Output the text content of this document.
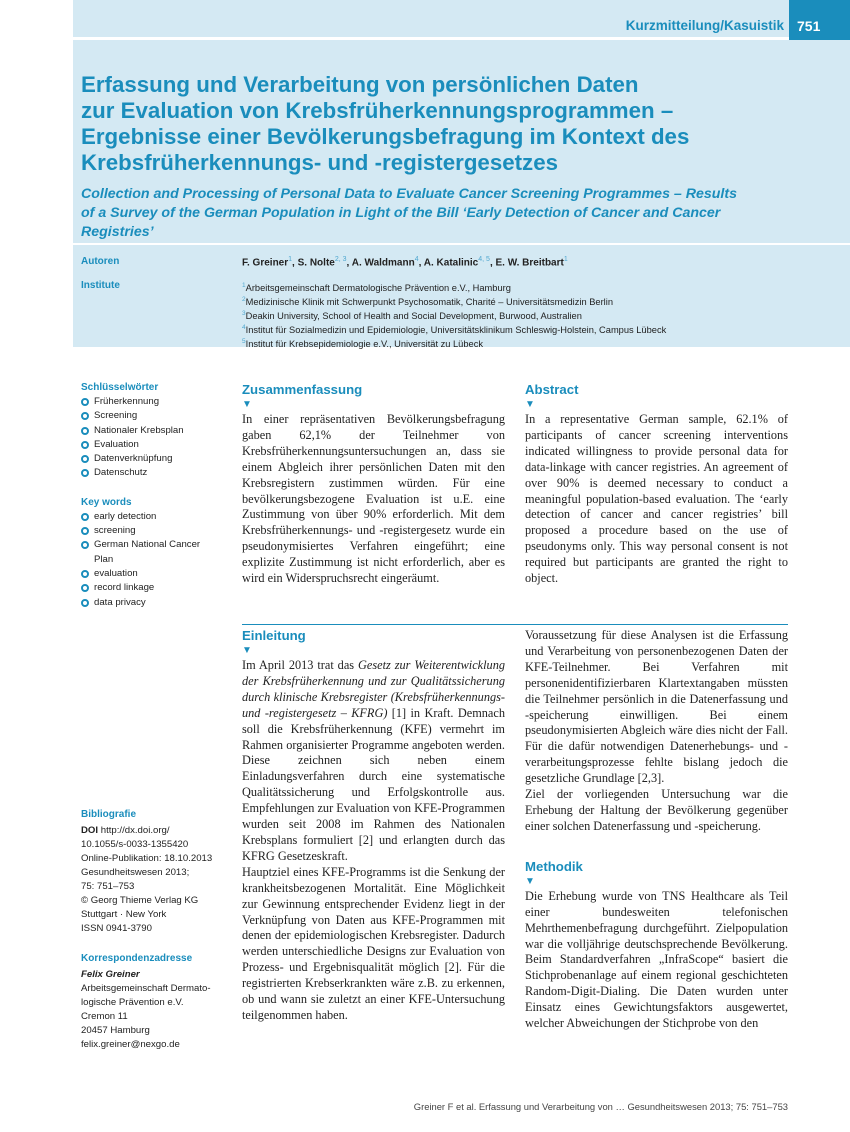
Kurzmitteilung/Kasuistik 751
Erfassung und Verarbeitung von persönlichen Daten
zur Evaluation von Krebsfrüherkennungsprogrammen –
Ergebnisse einer Bevölkerungsbefragung im Kontext des
Krebsfrüherkennungs- und -registergesetzes
Collection and Processing of Personal Data to Evaluate Cancer Screening Programmes – Results
of a Survey of the German Population in Light of the Bill ‘Early Detection of Cancer and Cancer
Registries’
Autoren	F. Greiner$^1$, S. Nolte$^{2, 3}$, A. Waldmann$^4$, A. Katalinic$^{4, 5}$, E. W. Breitbart$^1$
Institute	$^1$Arbeitsgemeinschaft Dermatologische Prävention e.V., Hamburg
$^2$Medizinische Klinik mit Schwerpunkt Psychosomatik, Charité – Universitätsmedizin Berlin
$^3$Deakin University, School of Health and Social Development, Burwood, Australien
$^4$Institut für Sozialmedizin und Epidemiologie, Universitätsklinikum Schleswig-Holstein, Campus Lübeck
$^5$Institut für Krebsepidemiologie e.V., Universität zu Lübeck
Schlüsselwörter
Früherkennung
Screening
Nationaler Krebsplan
Evaluation
Datenverknüpfung
Datenschutz
Key words
early detection
screening
German National Cancer Plan
evaluation
record linkage
data privacy
Bibliografie
DOI http://dx.doi.org/
10.1055/s-0033-1355420
Online-Publikation: 18.10.2013
Gesundheitswesen 2013;
75: 751–753
© Georg Thieme Verlag KG
Stuttgart · New York
ISSN 0941-3790
Korrespondenzadresse
Felix Greiner
Arbeitsgemeinschaft Dermato-
logische Prävention e.V.
Cremon 11
20457 Hamburg
felix.greiner@nexgo.de
Zusammenfassung
▼

In einer repräsentativen Bevölkerungsbefragung gaben 62,1% der Teilnehmer von Krebsfrüherkennungsuntersuchungen an, dass sie einem Abgleich ihrer persönlichen Daten mit den Krebsregistern zustimmen würden. Für eine bevölkerungsbezogene Evaluation ist u.E. eine Zustimmung von über 90% erforderlich. Mit dem Krebsfrüherkennungs- und -registergesetz wurde ein pseudonymisiertes Verfahren eingeführt; eine explizite Zustimmung ist nicht erforderlich, aber es wird ein Widerspruchsrecht eingeräumt.

Abstract
▼

In a representative German sample, 62.1% of participants of cancer screening interventions indicated willingness to provide personal data for data-linkage with cancer registries. An agreement of over 90% is deemed necessary to conduct a meaningful population-based evaluation. The ‘early detection of cancer and cancer registries’ bill proposed a procedure based on the use of pseudonyms only. This way personal consent is not required but participants are granted the right to object.

Einleitung
▼

Im April 2013 trat das Gesetz zur Weiterentwicklung der Krebsfrüherkennung und zur Qualitätssicherung durch klinische Krebsregister (Krebsfrüherkennungs- und -registergesetz – KFRG) [1] in Kraft. Demnach soll die Krebsfrüherkennung (KFE) vermehrt im Rahmen organisierter Programme angeboten werden. Diese zeichnen sich neben einem Einladungsverfahren durch eine systematische Qualitätssicherung und Erfolgskontrolle aus. Empfehlungen zur Evaluation von KFE-Programmen wurden seit 2008 im Rahmen des Nationalen Krebsplans formuliert [2] und erlangten durch das KFRG Gesetzeskraft.

Hauptziel eines KFE-Programms ist die Senkung der krankheitsbezogenen Mortalität. Eine Möglichkeit zur Gewinnung entsprechender Evidenz liegt in der Verknüpfung von Daten aus KFE-Programmen mit denen der epidemiologischen Krebsregister. Dadurch werden unterschiedliche Designs zur Evaluation von Prozess- und Ergebnisqualität möglich [2]. Für die registrierten Krebserkrankten wäre z.B. zu erkennen, ob und wann sie zuletzt an einer KFE-Untersuchung teilgenommen haben.

Voraussetzung für diese Analysen ist die Erfassung und Verarbeitung von personenbezogenen Daten der KFE-Teilnehmer. Bei Verfahren mit personenidentifizierbaren Klartextangaben müssten die Teilnehmer persönlich in die Datenerfassung und -speicherung einwilligen. Bei einem pseudonymisierten Abgleich wäre dies nicht der Fall. Für die dafür notwendigen Datenerhebungs- und -verarbeitungsprozesse fehlte bislang jedoch die gesetzliche Grundlage [2,3].

Ziel der vorliegenden Untersuchung war die Erhebung der Haltung der Bevölkerung gegenüber einer solchen Datenerfassung und -speicherung.

Methodik
▼

Die Erhebung wurde von TNS Healthcare als Teil einer bundesweiten telefonischen Mehrthemenbefragung durchgeführt. Zielpopulation war die volljährige deutschsprechende Bevölkerung. Beim Standardverfahren „InfraScope“ basiert die Stichprobenanlage auf einem regional geschichteten Random-Digit-Dialing. Die Daten wurden unter Einsatz eines Gewichtungsfaktors ausgewertet, welcher Abweichungen der Stichprobe von den

Greiner F et al. Erfassung und Verarbeitung von … Gesundheitswesen 2013; 75: 751–753
